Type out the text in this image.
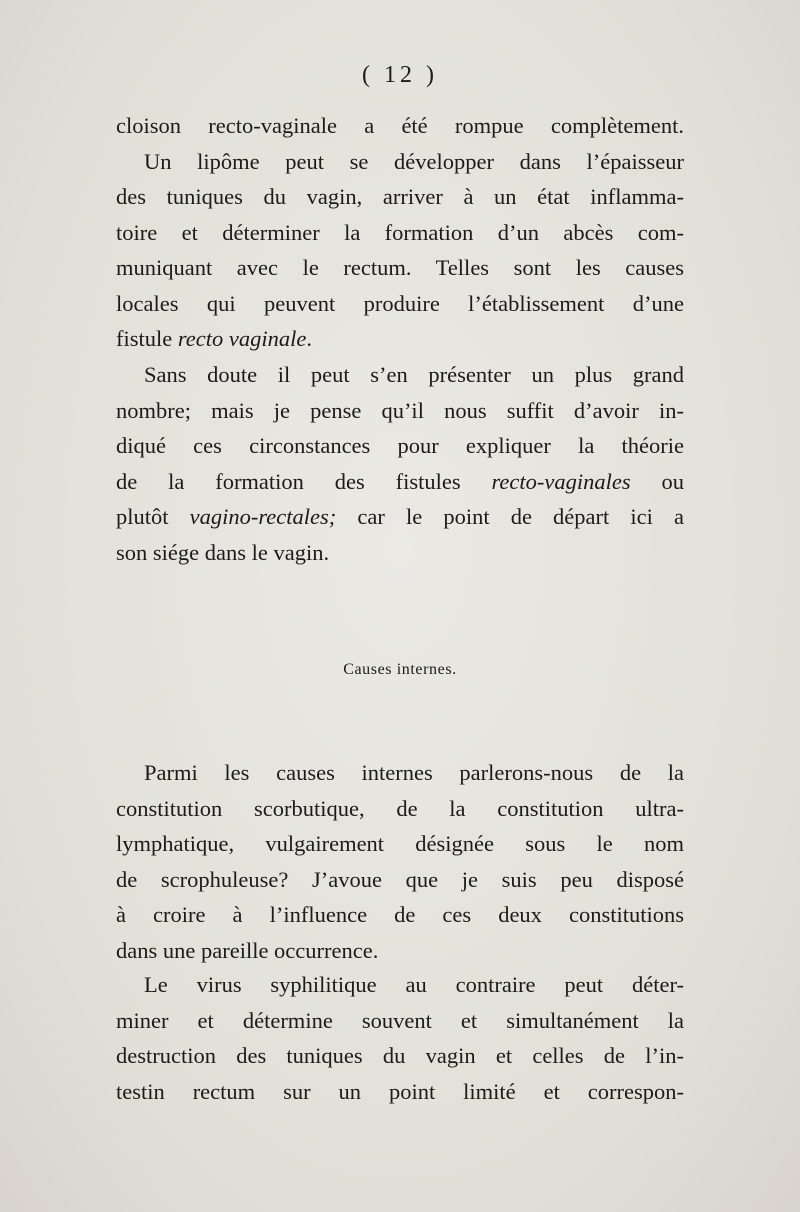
( 12 )
cloison recto-vaginale a été rompue complètement.
Un lipôme peut se développer dans l’épaisseur
des tuniques du vagin, arriver à un état inflamma-
toire et déterminer la formation d’un abcès com-
muniquant avec le rectum. Telles sont les causes
locales qui peuvent produire l’établissement d’une
fistule recto vaginale.
Sans doute il peut s’en présenter un plus grand
nombre; mais je pense qu’il nous suffit d’avoir in-
diqué ces circonstances pour expliquer la théorie
de la formation des fistules recto-vaginales ou
plutôt vagino-rectales; car le point de départ ici a
son siége dans le vagin.
Causes internes.
Parmi les causes internes parlerons-nous de la
constitution scorbutique, de la constitution ultra-
lymphatique, vulgairement désignée sous le nom
de scrophuleuse? J’avoue que je suis peu disposé
à croire à l’influence de ces deux constitutions
dans une pareille occurrence.
Le virus syphilitique au contraire peut déter-
miner et détermine souvent et simultanément la
destruction des tuniques du vagin et celles de l’in-
testin rectum sur un point limité et correspon-
